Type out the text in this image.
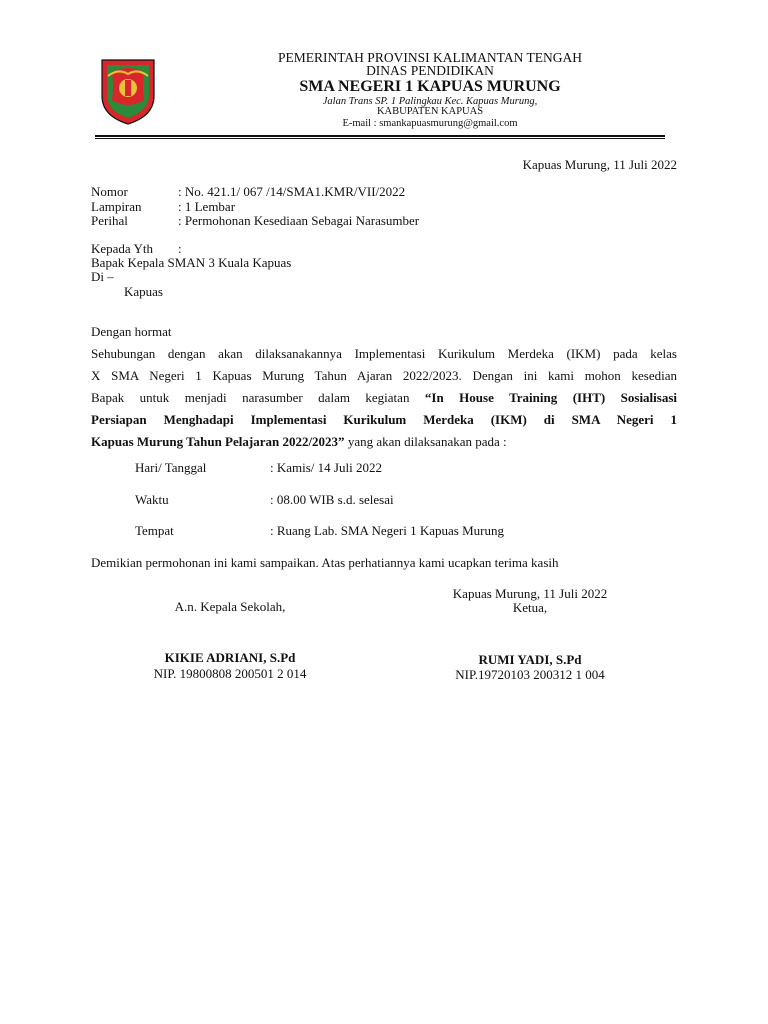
PEMERINTAH PROVINSI KALIMANTAN TENGAH
DINAS PENDIDIKAN
SMA NEGERI 1 KAPUAS MURUNG
Jalan Trans SP. 1 Palingkau Kec. Kapuas Murung,
KABUPATEN KAPUAS
E-mail : smankapuasmurung@gmail.com
Kapuas Murung, 11 Juli 2022
Nomor	: No. 421.1/ 067 /14/SMA1.KMR/VII/2022
Lampiran	: 1 Lembar
Perihal	: Permohonan Kesediaan Sebagai Narasumber
Kepada Yth :
Bapak Kepala SMAN 3 Kuala Kapuas
Di –
Kapuas
Dengan hormat
Sehubungan dengan akan dilaksanakannya Implementasi Kurikulum Merdeka (IKM) pada kelas
X SMA Negeri 1 Kapuas Murung Tahun Ajaran 2022/2023. Dengan ini kami mohon kesedian
Bapak untuk menjadi narasumber dalam kegiatan “In House Training (IHT) Sosialisasi
Persiapan Menghadapi Implementasi Kurikulum Merdeka (IKM) di SMA Negeri 1
Kapuas Murung Tahun Pelajaran 2022/2023” yang akan dilaksanakan pada :
Hari/ Tanggal	: Kamis/ 14 Juli 2022
Waktu	: 08.00 WIB s.d. selesai
Tempat	: Ruang Lab. SMA Negeri 1 Kapuas Murung
Demikian permohonan ini kami sampaikan. Atas perhatiannya kami ucapkan terima kasih
A.n. Kepala Sekolah,
KIKIE ADRIANI, S.Pd
NIP. 19800808 200501 2 014
Kapuas Murung, 11 Juli 2022
Ketua,
RUMI YADI, S.Pd
NIP.19720103 200312 1 004
